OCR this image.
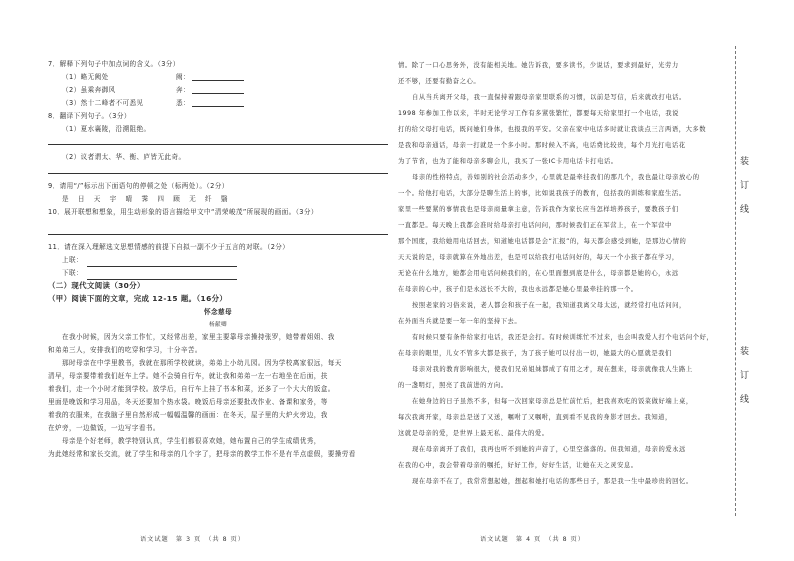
7．解释下列句子中加点词的含义。（3分）
（1）略无阙处	阙：
（2）虽乘奔御风	奔：
（3）然十二峰者不可悉见	悉：
8．翻译下列句子。（3分）
（1）夏水襄陵，沿溯阻绝。
（2）议者谓太、华、衡、庐皆无此奇。
9．请用“/”标示出下面语句的停顿之处（标两处）。（2分）
是 日 天 宇 晴 霁 四 顾 无 纤 翳
10．展开联想和想象，用生动形象的语言描绘甲文中“清荣峻茂”所展现的画面。（3分）
11．请在深入理解选文思想情感的前提下自拟一副不少于五言的对联。（2分）
上联：
下联：
（二）现代文阅读（30分）
（甲）阅读下面的文章，完成 12-15 题。（16分）
怀念慈母
杨献卿
在我小时候，因为父亲工作忙，又经常出差，家里主要靠母亲操持张罗，她带着姐姐、我
和弟弟三人，安排我们的吃穿和学习，十分辛苦。
那时母亲在中学里教书，我就在那所学校就读，弟弟上小幼儿园。因为学校离家很远，每天
清早，母亲要带着我们赶车上学。她不会骑自行车，就让我和弟弟一左一右地坐在后面，扶
着我们，走一个小时才能到学校。放学后，自行车上挂了书本和菜，还多了一个大大的饭盒。
里面是晚饭和学习用品，冬天还要加个热水袋。晚饭后母亲还要批改作业、备课和家务，等
着我的衣服来，在我脑子里自然形成一幅幅温馨的画面：在冬天，屋子里的大炉火旁边，我
在炉旁，一边做饭，一边写字看书。
母亲是个好老师，教学特别认真，学生们都很喜欢她，她布置自己的学生成绩优秀，
为此她经常和家长交流，就了学生和母亲的几个字了，把母亲的教学工作不是有半点虚假，要操劳看
语文试题　第 3 页　（共 8 页）
情。除了一口心思务外，没有能相关地。她告诉我，要多读书，少说话，要求到最好，光劳力
还不够，还要有勤奋之心。
自从当兵离开父母，我一直保持着跟母亲家里联系的习惯，以前是写信，后来就改打电话。
1998 年参加工作以来，半时无论学习工作有多紧张繁忙，都要每天给家里打一个电话，我说
打的给父母打电话，既问她们身体，也报我的平安。父亲在家中电话多时就让我谈点三言两语，大多数
是我和母亲通话，母亲一打就是一个多小时。那时候入不高，电话费比较贵，每个月光打电话花
为了节省，也为了能和母亲多聊会儿，我买了一张IC卡用电话卡打电话。
母亲的性格特点，善如别的社会活动多少，心里就是最牵挂我们的那几个，我也最让母亲放心的
一个。给他打电话，大部分是聊生活上的事，比如说我孩子的教育，包括我的训练和家庭生活。
家里一些要紧的事情我也是母亲商量拿主意，告诉我作为家长应当怎样培养孩子，要教孩子们
一直都是。每天晚上我都会准时给母亲打电话问问，那时候我们正在军营上，在一个军营中
那个国度，我给她用电话回去，知道她电话都是会“汇报”的，每天都会感受到她，是那边心情的
天天说的是，母亲就算在外地出差，也是可以给我打电话问好的，每天一个小孩子都在学习，
无论在什么地方，她都会用电话问候我们的，在心里面想到底是什么，母亲都是她的心，永远
在母亲的心中，孩子们是永远长不大的，我也永远都是她心里最牵挂的那一个。
按照老家的习俗来说，老人都会和孩子在一起，我知道我离父母太远，就经常打电话问问，
在外面当兵就是要一年一年的坚持下去。
有时候只要有条件给家打电话，我还是会打。有时候训练忙不过来，也会叫我爱人打个电话问个好，
在母亲的眼里，儿女不管多大都是孩子，为了孩子她可以付出一切，她最大的心愿就是我们
母亲对我的教育影响很大，使我们兄弟姐妹都成了有用之才，现在想来，母亲就像我人生路上
的一盏明灯，照亮了我前进的方向。
在她身边的日子虽然不多，但每一次回家母亲总是忙前忙后，把我喜欢吃的饭菜做好端上桌，
每次我离开家，母亲总是送了又送，嘱咐了又嘱咐，直到看不见我的身影才回去。我知道，
这就是母亲的爱，是世界上最无私、最伟大的爱。
现在母亲离开了我们，我再也听不到她的声音了，心里空落落的。但我知道，母亲的爱永远
在我的心中，我会带着母亲的嘱托，好好工作，好好生活，让她在天之灵安息。
现在母亲不在了，我常常想起她，想起和她打电话的那些日子，那是我一生中最珍贵的回忆。
语文试题　第 4 页　（共 8 页）
装
订
线
装
订
线
